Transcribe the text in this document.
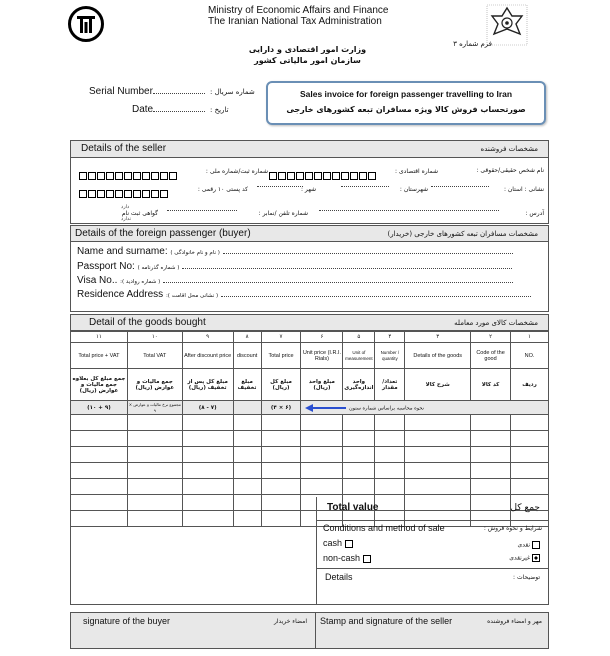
Ministry of Economic Affairs and Finance
The Iranian National Tax Administration
وزارت امور اقتصادی و دارایی
سازمان امور مالیاتی کشور
فرم شماره ۳
Serial Number	شماره سریال :
Date	تاریخ :
Sales invoice for foreign passenger travelling to Iran
صورتحساب فروش کالا ویژه مسافران تبعه کشورهای خارجی
Details of the seller	مشخصات فروشنده
نام شخص حقیقی/حقوقی :
شماره اقتصادی :
شماره ثبت/شماره ملی :
کد پستی ۱۰ رقمی :	شهر :	شهرستان :	نشانی : استان :
دارد
ندارد
گواهی ثبت نام	شماره تلفن /نمابر :	آدرس :
Details of the foreign passenger (buyer)	مشخصات مسافران تبعه کشورهای خارجی (خریدار)
Name and surname: ( نام و نام خانوادگی )
Passport No: ( شماره گذرنامه )
Visa No.. :( شماره روادید )
Residence Address :( نشانی محل اقامت )
Detail of the goods bought	مشخصات کالای مورد معامله
۱۱	۱۰	۹	۸	۷	۶	۵	۴	۳	۲	۱
Total price + VAT	Total VAT	After discount price	discount	Total price	Unit price (I.R.I. Rials)	Unit of measurement	Number / quantity	Details of the goods	Code of the good	NO.
جمع مبلغ کل بعلاوه جمع مالیات و عوارض (ریال)	جمع مالیات و عوارض (ریال)	مبلغ کل پس از تخفیف (ریال)	مبلغ تخفیف	مبلغ کل (ریال)	مبلغ واحد (ریال)	واحد اندازه‌گیری	تعداد/ مقدار	شرح کالا	کد کالا	ردیف
(۹ + ۱۰)	مجموع نرخ مالیات و عوارض × ۹	(۷ - ۸)		(۶ × ۴)	نحوه محاسبه براساس شماره ستون					

Total value	جمع کل
Conditions and method of sale	شرایط و نحوه فروش :
cash
non-cash
نقدی
غیرنقدی
Details	توضیحات :
signature of the buyer	امضاء خریدار Stamp and signature of the seller	مهر و امضاء فروشنده
